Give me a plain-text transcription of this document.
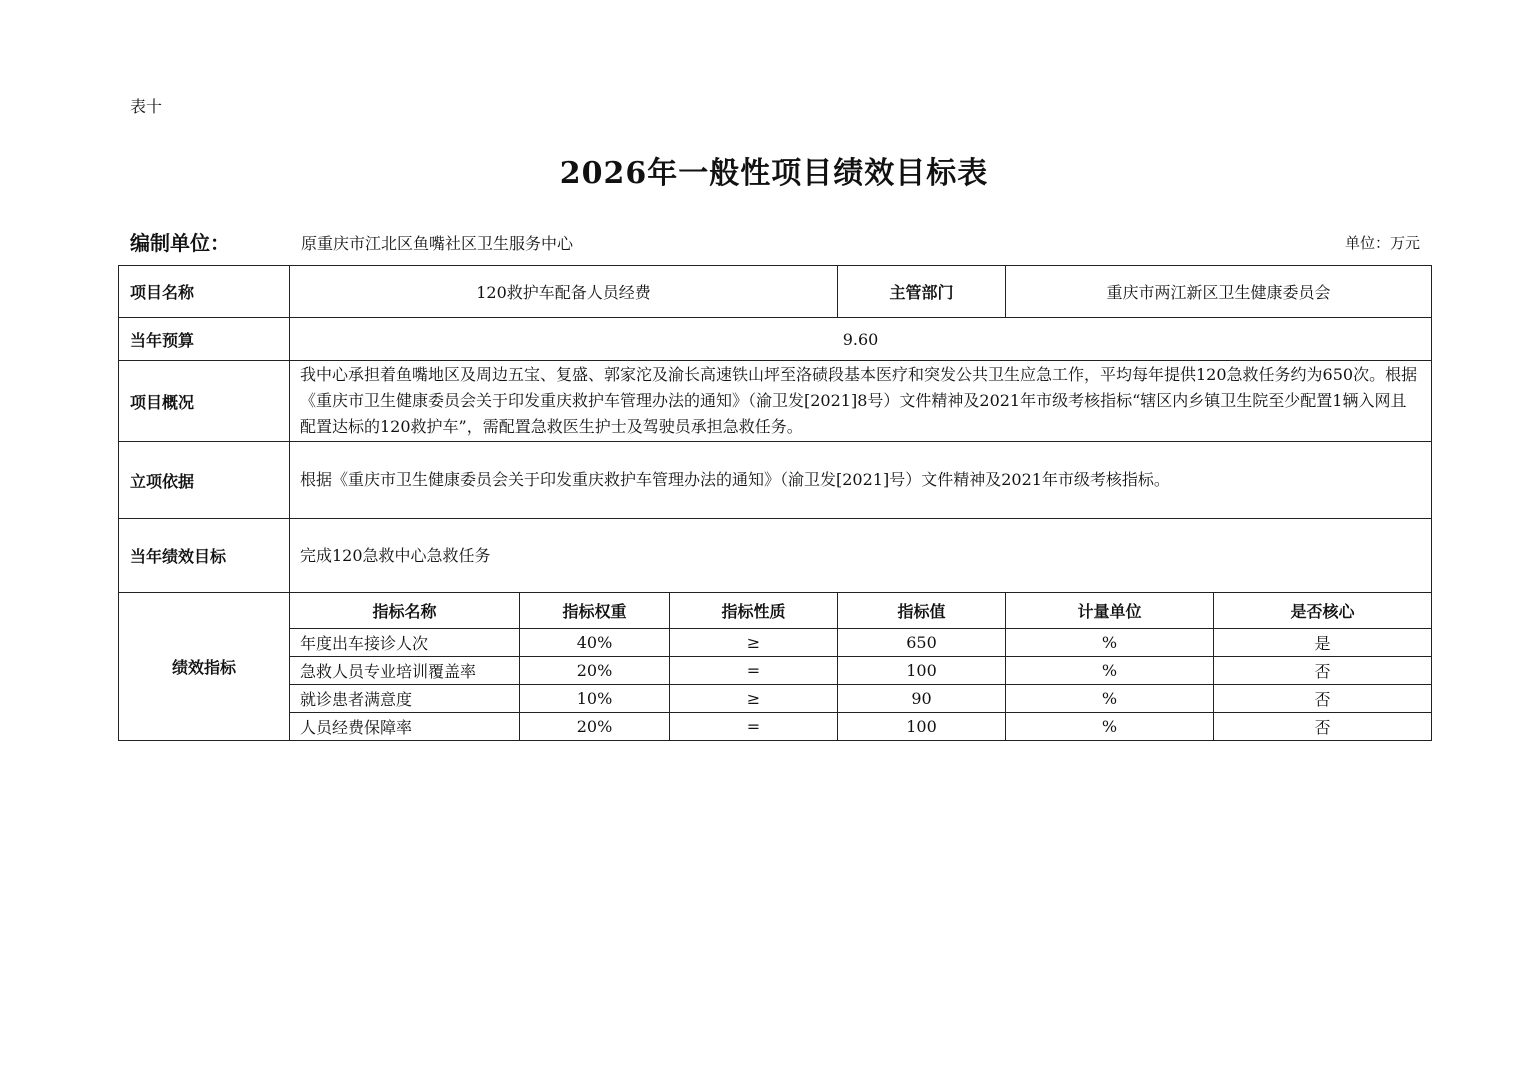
表十
2026年一般性项目绩效目标表
编制单位：	原重庆市江北区鱼嘴社区卫生服务中心	单位：万元
项目名称	120救护车配备人员经费			主管部门	重庆市两江新区卫生健康委员会	
当年预算	9.60					
项目概况	我中心承担着鱼嘴地区及周边五宝、复盛、郭家沱及渝长高速铁山坪至洛碛段基本医疗和突发公共卫生应急工作，平均每年提供120急救任务约为650次。根据《重庆市卫生健康委员会关于印发重庆救护车管理办法的通知》（渝卫发[2021]8号）文件精神及2021年市级考核指标“辖区内乡镇卫生院至少配置1辆入网且配置达标的120救护车”，需配置急救医生护士及驾驶员承担急救任务。					
立项依据	根据《重庆市卫生健康委员会关于印发重庆救护车管理办法的通知》（渝卫发[2021]号）文件精神及2021年市级考核指标。					
当年绩效目标	完成120急救中心急救任务					
绩效指标	指标名称	指标权重	指标性质	指标值	计量单位	是否核心
	年度出车接诊人次	40%	≥	650	%	是
	急救人员专业培训覆盖率	20%	=	100	%	否
	就诊患者满意度	10%	≥	90	%	否
	人员经费保障率	20%	=	100	%	否
